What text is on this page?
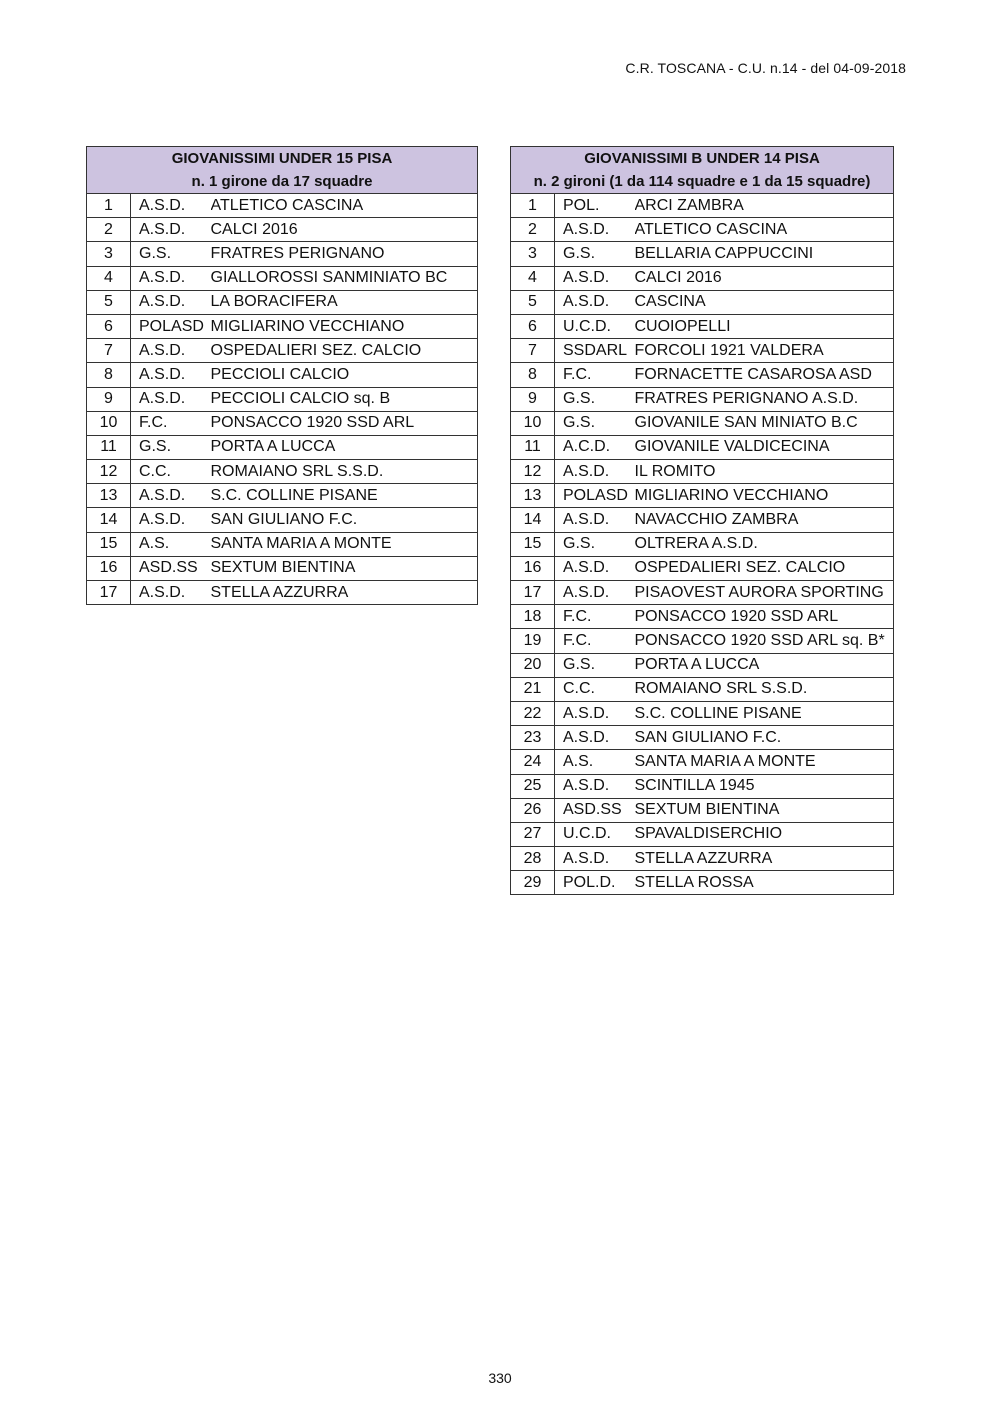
C.R. TOSCANA - C.U. n.14 - del 04-09-2018
GIOVANISSIMI UNDER 15 PISA
n. 1 girone da 17 squadre		

1	A.S.D.	ATLETICO CASCINA
2	A.S.D.	CALCI 2016
3	G.S.	FRATRES PERIGNANO
4	A.S.D.	GIALLOROSSI SANMINIATO BC
5	A.S.D.	LA BORACIFERA
6	POLASD	MIGLIARINO VECCHIANO
7	A.S.D.	OSPEDALIERI SEZ. CALCIO
8	A.S.D.	PECCIOLI CALCIO
9	A.S.D.	PECCIOLI CALCIO sq. B
10	F.C.	PONSACCO 1920 SSD ARL
11	G.S.	PORTA A LUCCA
12	C.C.	ROMAIANO SRL S.S.D.
13	A.S.D.	S.C. COLLINE PISANE
14	A.S.D.	SAN GIULIANO F.C.
15	A.S.	SANTA MARIA A MONTE
16	ASD.SS	SEXTUM BIENTINA
17	A.S.D.	STELLA AZZURRA
GIOVANISSIMI B UNDER 14 PISA
n. 2 gironi (1 da 114 squadre e 1 da 15 squadre)		

1	POL.	ARCI ZAMBRA
2	A.S.D.	ATLETICO CASCINA
3	G.S.	BELLARIA CAPPUCCINI
4	A.S.D.	CALCI 2016
5	A.S.D.	CASCINA
6	U.C.D.	CUOIOPELLI
7	SSDARL	FORCOLI 1921 VALDERA
8	F.C.	FORNACETTE CASAROSA ASD
9	G.S.	FRATRES PERIGNANO A.S.D.
10	G.S.	GIOVANILE SAN MINIATO B.C
11	A.C.D.	GIOVANILE VALDICECINA
12	A.S.D.	IL ROMITO
13	POLASD	MIGLIARINO VECCHIANO
14	A.S.D.	NAVACCHIO ZAMBRA
15	G.S.	OLTRERA A.S.D.
16	A.S.D.	OSPEDALIERI SEZ. CALCIO
17	A.S.D.	PISAOVEST AURORA SPORTING
18	F.C.	PONSACCO 1920 SSD ARL
19	F.C.	PONSACCO 1920 SSD ARL sq. B*
20	G.S.	PORTA A LUCCA
21	C.C.	ROMAIANO SRL S.S.D.
22	A.S.D.	S.C. COLLINE PISANE
23	A.S.D.	SAN GIULIANO F.C.
24	A.S.	SANTA MARIA A MONTE
25	A.S.D.	SCINTILLA 1945
26	ASD.SS	SEXTUM BIENTINA
27	U.C.D.	SPAVALDISERCHIO
28	A.S.D.	STELLA AZZURRA
29	POL.D.	STELLA ROSSA
330
